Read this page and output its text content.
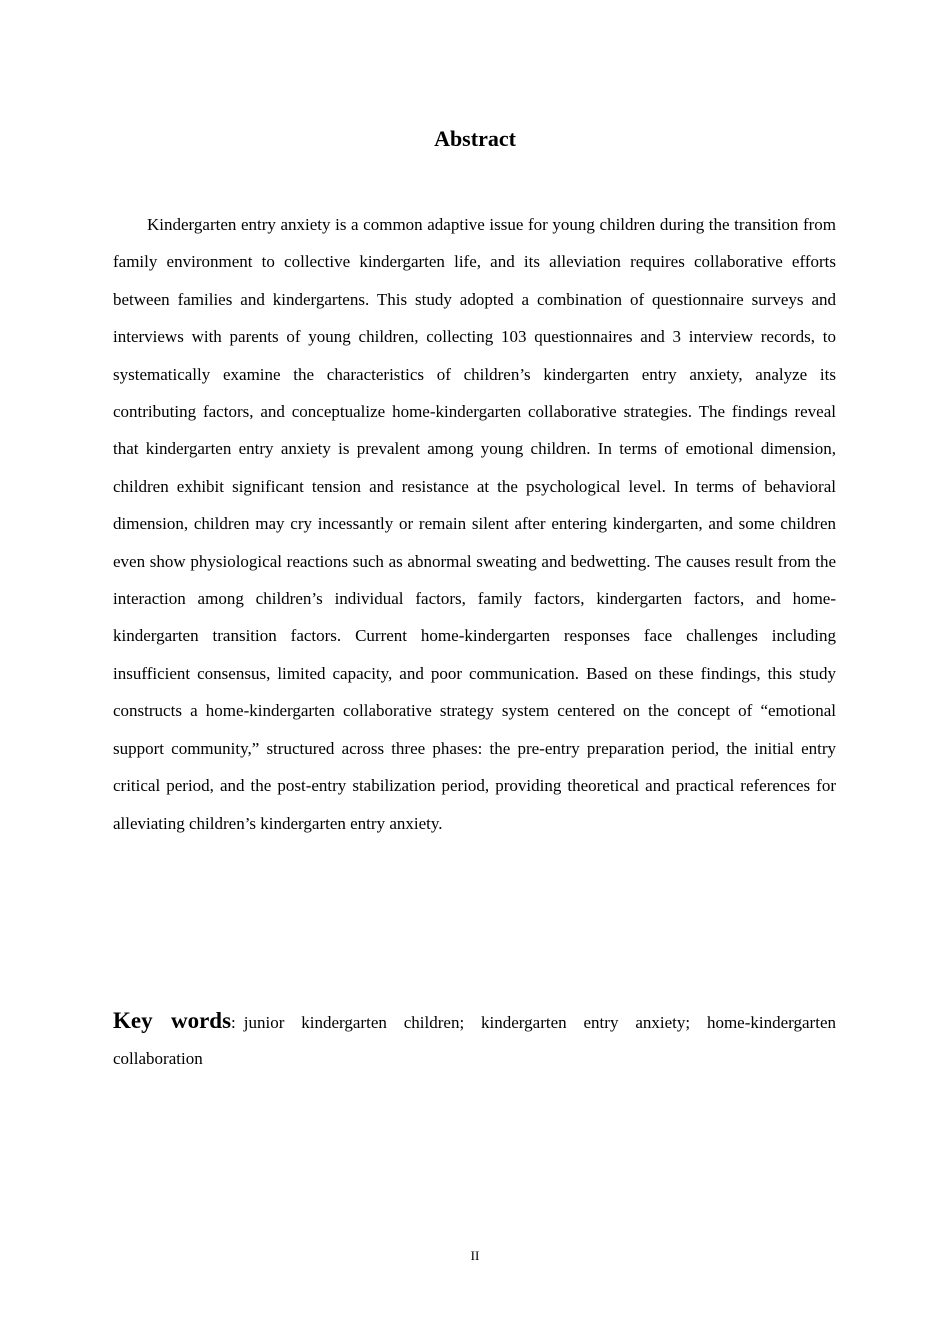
Abstract

Kindergarten entry anxiety is a common adaptive issue for young children during the transition from family environment to collective kindergarten life, and its alleviation requires collaborative efforts between families and kindergartens. This study adopted a combination of questionnaire surveys and interviews with parents of young children, collecting 103 questionnaires and 3 interview records, to systematically examine the characteristics of children’s kindergarten entry anxiety, analyze its contributing factors, and conceptualize home-kindergarten collaborative strategies. The findings reveal that kindergarten entry anxiety is prevalent among young children. In terms of emotional dimension, children exhibit significant tension and resistance at the psychological level. In terms of behavioral dimension, children may cry incessantly or remain silent after entering kindergarten, and some children even show physiological reactions such as abnormal sweating and bedwetting. The causes result from the interaction among children’s individual factors, family factors, kindergarten factors, and home-kindergarten transition factors. Current home-kindergarten responses face challenges including insufficient consensus, limited capacity, and poor communication. Based on these findings, this study constructs a home-kindergarten collaborative strategy system centered on the concept of “emotional support community,” structured across three phases: the pre-entry preparation period, the initial entry critical period, and the post-entry stabilization period, providing theoretical and practical references for alleviating children’s kindergarten entry anxiety.

Key words: junior kindergarten children; kindergarten entry anxiety; home-kindergarten collaboration

II
